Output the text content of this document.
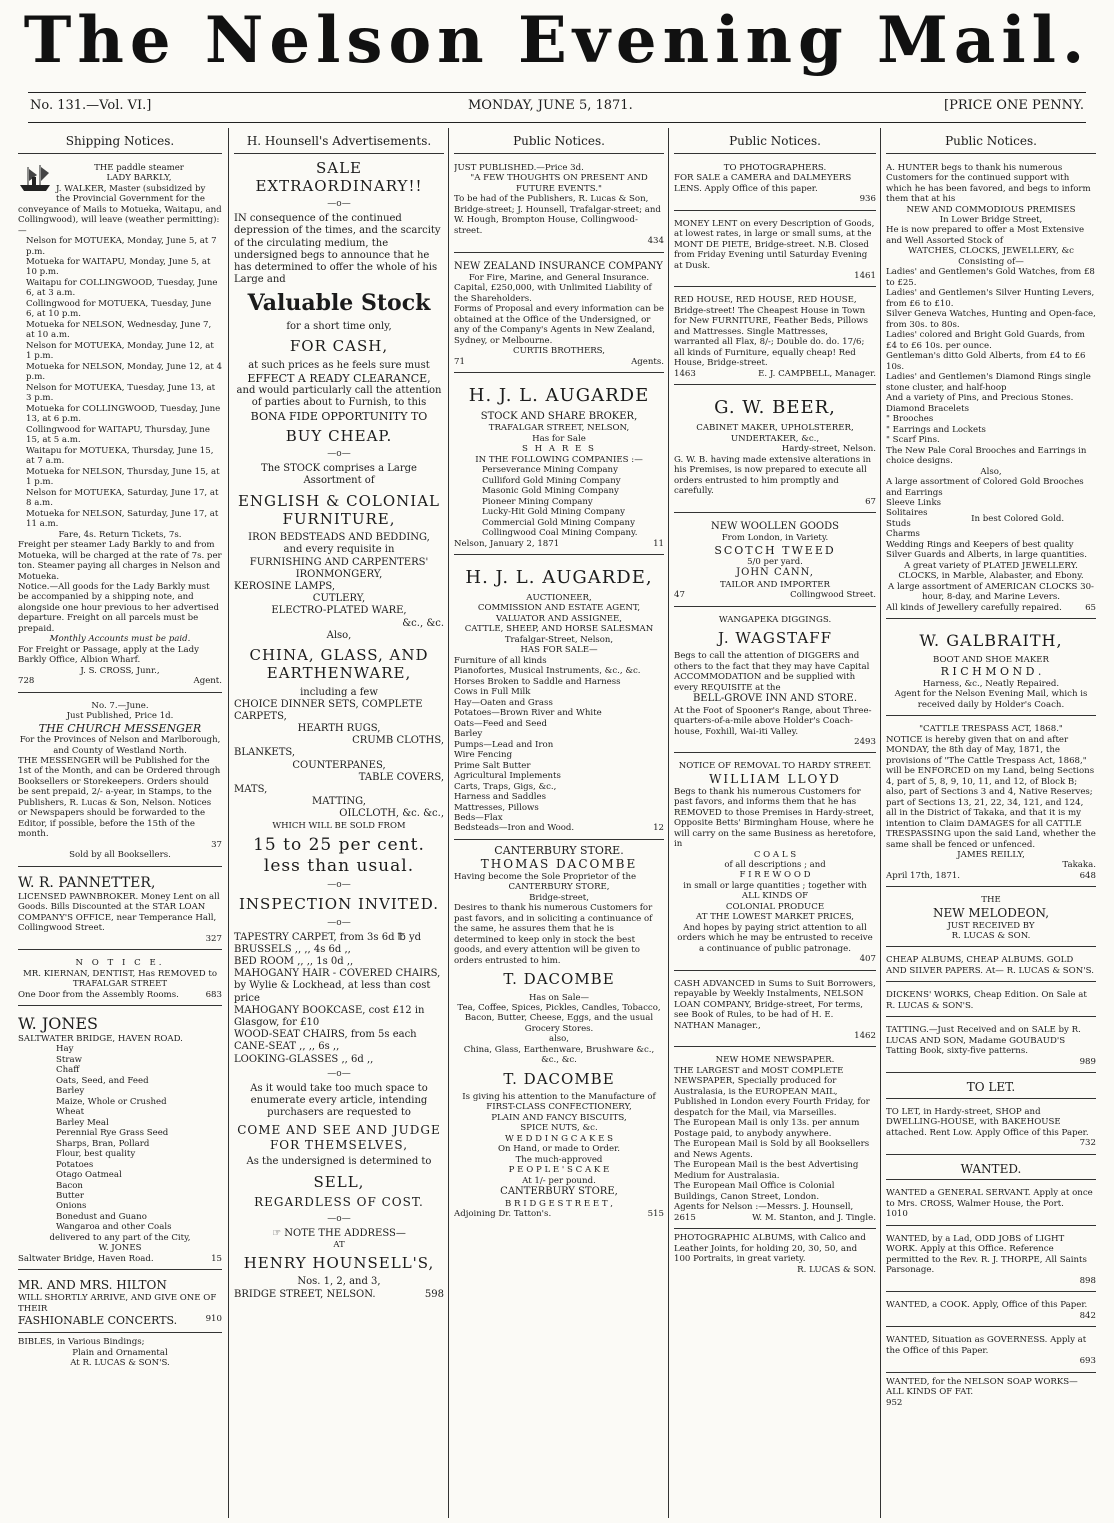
The Nelson Evening Mail.
No. 131.—Vol. VI.]	MONDAY, JUNE 5, 1871.	[PRICE ONE PENNY.
Shipping Notices.
THE paddle steamer
LADY BARKLY,
J. WALKER, Master (subsidized by the Provincial Government for the conveyance of Mails to Motueka, Waitapu, and Collingwood), will leave (weather permitting):—
Nelson for MOTUEKA, Monday, June 5, at 7 p.m.
Motueka for WAITAPU, Monday, June 5, at 10 p.m.
Waitapu for COLLINGWOOD, Tuesday, June 6, at 3 a.m.
Collingwood for MOTUEKA, Tuesday, June 6, at 10 p.m.
Motueka for NELSON, Wednesday, June 7, at 10 a.m.
Nelson for MOTUEKA, Monday, June 12, at 1 p.m.
Motueka for NELSON, Monday, June 12, at 4 p.m.
Nelson for MOTUEKA, Tuesday, June 13, at 3 p.m.
Motueka for COLLINGWOOD, Tuesday, June 13, at 6 p.m.
Collingwood for WAITAPU, Thursday, June 15, at 5 a.m.
Waitapu for MOTUEKA, Thursday, June 15, at 7 a.m.
Motueka for NELSON, Thursday, June 15, at 1 p.m.
Nelson for MOTUEKA, Saturday, June 17, at 8 a.m.
Motueka for NELSON, Saturday, June 17, at 11 a.m.
Fare, 4s. Return Tickets, 7s.
Freight per steamer Lady Barkly to and from Motueka, will be charged at the rate of 7s. per ton. Steamer paying all charges in Nelson and Motueka.
Notice.—All goods for the Lady Barkly must be accompanied by a shipping note, and alongside one hour previous to her advertised departure. Freight on all parcels must be prepaid.
Monthly Accounts must be paid.
For Freight or Passage, apply at the Lady Barkly Office, Albion Wharf.
J. S. CROSS, Junr.,
728	Agent.
No. 7.—June.
Just Published, Price 1d.
THE CHURCH MESSENGER
For the Provinces of Nelson and Marlborough, and County of Westland North.
THE MESSENGER will be Published for the 1st of the Month, and can be Ordered through Booksellers or Storekeepers. Orders should be sent prepaid, 2/- a-year, in Stamps, to the Publishers, R. Lucas & Son, Nelson. Notices or Newspapers should be forwarded to the Editor, if possible, before the 15th of the month.
37
Sold by all Booksellers.
W. R. PANNETTER,
LICENSED PAWNBROKER. Money Lent on all Goods. Bills Discounted at the STAR LOAN COMPANY'S OFFICE, near Temperance Hall, Collingwood Street.
327
N O T I C E.
MR. KIERNAN, DENTIST, Has REMOVED to TRAFALGAR STREET
One Door from the Assembly Rooms.	683
W. JONES
SALTWATER BRIDGE, HAVEN ROAD.
Hay
Straw
Chaff
Oats, Seed, and Feed
Barley
Maize, Whole or Crushed
Wheat
Barley Meal
Perennial Rye Grass Seed
Sharps, Bran, Pollard
Flour, best quality
Potatoes
Otago Oatmeal
Bacon
Butter
Onions
Bonedust and Guano
Wangaroa and other Coals
delivered to any part of the City,
W. JONES
Saltwater Bridge, Haven Road.	15
MR. AND MRS. HILTON
WILL SHORTLY ARRIVE, AND GIVE ONE OF THEIR
FASHIONABLE CONCERTS.	910
BIBLES, in Various Bindings;
Plain and Ornamental
At R. LUCAS & SON'S.
H. Hounsell's Advertisements.
SALE EXTRAORDINARY!!
—o—
IN consequence of the continued depression of the times, and the scarcity of the circulating medium, the undersigned begs to announce that he has determined to offer the whole of his Large and
Valuable Stock
for a short time only,
FOR CASH,
at such prices as he feels sure must
EFFECT A READY CLEARANCE,
and would particularly call the attention of parties about to Furnish, to this
BONA FIDE OPPORTUNITY TO
BUY CHEAP.
—o—
The STOCK comprises a Large Assortment of
ENGLISH & COLONIAL FURNITURE,
IRON BEDSTEADS AND BEDDING,
and every requisite in
FURNISHING AND CARPENTERS' IRONMONGERY,
KEROSINE LAMPS,
CUTLERY,
ELECTRO-PLATED WARE,
&c., &c.
Also,
CHINA, GLASS, AND EARTHENWARE,
including a few
CHOICE DINNER SETS, COMPLETE
CARPETS,
HEARTH RUGS,
CRUMB CLOTHS,
BLANKETS,
COUNTERPANES,
TABLE COVERS,
MATS,
MATTING,
OILCLOTH, &c. &c.,
WHICH WILL BE SOLD FROM
15 to 25 per cent. less than usual.
—o—
INSPECTION INVITED.
—o—
TAPESTRY CARPET, from 3s 6d ℔ yd
BRUSSELS ,, ,, 4s 6d ,,
BED ROOM ,, ,, 1s 0d ,,
MAHOGANY HAIR - COVERED CHAIRS, by Wylie & Lockhead, at less than cost price
MAHOGANY BOOKCASE, cost £12 in Glasgow, for £10
WOOD-SEAT CHAIRS, from 5s each
CANE-SEAT ,, ,, 6s ,,
LOOKING-GLASSES ,, 6d ,,
—o—
As it would take too much space to enumerate every article, intending purchasers are requested to
COME AND SEE AND JUDGE FOR THEMSELVES,
As the undersigned is determined to
SELL,
REGARDLESS OF COST.
—o—
☞ NOTE THE ADDRESS—
AT
HENRY HOUNSELL'S,
Nos. 1, 2, and 3,
BRIDGE STREET, NELSON.	598
Public Notices.
JUST PUBLISHED.—Price 3d.
"A FEW THOUGHTS ON PRESENT AND FUTURE EVENTS."
To be had of the Publishers, R. Lucas & Son, Bridge-street; J. Hounsell, Trafalgar-street; and W. Hough, Brompton House, Collingwood-street.
434
NEW ZEALAND INSURANCE COMPANY
For Fire, Marine, and General Insurance.
Capital, £250,000, with Unlimited Liability of the Shareholders.
Forms of Proposal and every information can be obtained at the Office of the Undersigned, or any of the Company's Agents in New Zealand, Sydney, or Melbourne.
CURTIS BROTHERS,
71	Agents.
H. J. L. AUGARDE
STOCK AND SHARE BROKER,
TRAFALGAR STREET, NELSON,
Has for Sale
S H A R E S
IN THE FOLLOWING COMPANIES :—
Perseverance Mining Company
Culliford Gold Mining Company
Masonic Gold Mining Company
Pioneer Mining Company
Lucky-Hit Gold Mining Company
Commercial Gold Mining Company
Collingwood Coal Mining Company.
Nelson, January 2, 1871	11
H. J. L. AUGARDE,
AUCTIONEER,
COMMISSION AND ESTATE AGENT,
VALUATOR AND ASSIGNEE,
CATTLE, SHEEP, AND HORSE SALESMAN
Trafalgar-Street, Nelson,
HAS FOR SALE—
Furniture of all kinds
Pianofortes, Musical Instruments, &c., &c.
Horses Broken to Saddle and Harness
Cows in Full Milk
Hay—Oaten and Grass
Potatoes—Brown River and White
Oats—Feed and Seed
Barley
Pumps—Lead and Iron
Wire Fencing
Prime Salt Butter
Agricultural Implements
Carts, Traps, Gigs, &c.,
Harness and Saddles
Mattresses, Pillows
Beds—Flax
Bedsteads—Iron and Wood.	12
CANTERBURY STORE.
THOMAS DACOMBE
Having become the Sole Proprietor of the
CANTERBURY STORE,
Bridge-street,
Desires to thank his numerous Customers for past favors, and in soliciting a continuance of the same, he assures them that he is determined to keep only in stock the best goods, and every attention will be given to orders entrusted to him.
T. DACOMBE
Has on Sale—
Tea, Coffee, Spices, Pickles, Candles, Tobacco, Bacon, Butter, Cheese, Eggs, and the usual Grocery Stores.
also,
China, Glass, Earthenware, Brushware &c., &c., &c.
T. DACOMBE
Is giving his attention to the Manufacture of
FIRST-CLASS CONFECTIONERY,
PLAIN AND FANCY BISCUITS,
SPICE NUTS, &c.
W E D D I N G C A K E S
On Hand, or made to Order.
The much-approved
P E O P L E ' S C A K E
At 1/- per pound.
CANTERBURY STORE,
B R I D G E S T R E E T ,
Adjoining Dr. Tatton's.	515
Public Notices.
TO PHOTOGRAPHERS.
FOR SALE a CAMERA and DALMEYERS LENS. Apply Office of this paper.
936
MONEY LENT on every Description of Goods, at lowest rates, in large or small sums, at the MONT DE PIETE, Bridge-street. N.B. Closed from Friday Evening until Saturday Evening at Dusk.
1461
RED HOUSE, RED HOUSE, RED HOUSE, Bridge-street! The Cheapest House in Town for New FURNITURE, Feather Beds, Pillows and Mattresses. Single Mattresses, warranted all Flax, 8/-; Double do. do. 17/6; all kinds of Furniture, equally cheap! Red House, Bridge-street.
1463	E. J. CAMPBELL, Manager.
G. W. BEER,
CABINET MAKER, UPHOLSTERER,
UNDERTAKER, &c.,
Hardy-street, Nelson.
G. W. B. having made extensive alterations in his Premises, is now prepared to execute all orders entrusted to him promptly and carefully.
67
NEW WOOLLEN GOODS
From London, in Variety.
SCOTCH TWEED
5/0 per yard.
JOHN CANN,
TAILOR AND IMPORTER
47	Collingwood Street.
WANGAPEKA DIGGINGS.
J. WAGSTAFF
Begs to call the attention of DIGGERS and others to the fact that they may have Capital ACCOMMODATION and be supplied with every REQUISITE at the
BELL-GROVE INN AND STORE.
At the Foot of Spooner's Range, about Three-quarters-of-a-mile above Holder's Coach-house, Foxhill, Wai-iti Valley.
2493
NOTICE OF REMOVAL TO HARDY STREET.
WILLIAM LLOYD
Begs to thank his numerous Customers for past favors, and informs them that he has REMOVED to those Premises in Hardy-street, Opposite Betts' Birmingham House, where he will carry on the same Business as heretofore, in
C O A L S
of all descriptions ; and
F I R E W O O D
in small or large quantities ; together with
ALL KINDS OF
COLONIAL PRODUCE
AT THE LOWEST MARKET PRICES,
And hopes by paying strict attention to all orders which he may be entrusted to receive a continuance of public patronage.
407
CASH ADVANCED in Sums to Suit Borrowers, repayable by Weekly Instalments, NELSON LOAN COMPANY, Bridge-street, For terms, see Book of Rules, to be had of H. E. NATHAN Manager.,
1462
NEW HOME NEWSPAPER.
THE LARGEST and MOST COMPLETE NEWSPAPER, Specially produced for Australasia, is the EUROPEAN MAIL, Published in London every Fourth Friday, for despatch for the Mail, via Marseilles.
The European Mail is only 13s. per annum Postage paid, to anybody anywhere.
The European Mail is Sold by all Booksellers and News Agents.
The European Mail is the best Advertising Medium for Australasia.
The European Mail Office is Colonial Buildings, Canon Street, London.
Agents for Nelson :—Messrs. J. Hounsell,
2615	W. M. Stanton, and J. Tingle.
PHOTOGRAPHIC ALBUMS, with Calico and Leather Joints, for holding 20, 30, 50, and 100 Portraits, in great variety.
R. LUCAS & SON.
Public Notices.
A. HUNTER begs to thank his numerous Customers for the continued support with which he has been favored, and begs to inform them that at his
NEW AND COMMODIOUS PREMISES
In Lower Bridge Street,
He is now prepared to offer a Most Extensive and Well Assorted Stock of
WATCHES, CLOCKS, JEWELLERY, &c
Consisting of—
Ladies' and Gentlemen's Gold Watches, from £8 to £25.
Ladies' and Gentlemen's Silver Hunting Levers, from £6 to £10.
Silver Geneva Watches, Hunting and Open-face, from 30s. to 80s.
Ladies' colored and Bright Gold Guards, from £4 to £6 10s. per ounce.
Gentleman's ditto Gold Alberts, from £4 to £6 10s.
Ladies' and Gentlemen's Diamond Rings single stone cluster, and half-hoop
And a variety of Pins, and Precious Stones.
Diamond Bracelets
" Brooches
" Earrings and Lockets
" Scarf Pins.
The New Pale Coral Brooches and Earrings in choice designs.
Also,
A large assortment of Colored Gold Brooches and Earrings
Sleeve Links
Solitaires
Studs
Charms
In best Colored Gold.
Wedding Rings and Keepers of best quality Silver Guards and Alberts, in large quantities.
A great variety of PLATED JEWELLERY.
CLOCKS, in Marble, Alabaster, and Ebony.
A large assortment of AMERICAN CLOCKS 30-hour, 8-day, and Marine Levers.
All kinds of Jewellery carefully repaired.	65
W. GALBRAITH,
BOOT AND SHOE MAKER
R I C H M O N D .
Harness, &c., Neatly Repaired.
Agent for the Nelson Evening Mail, which is received daily by Holder's Coach.
"CATTLE TRESPASS ACT, 1868."
NOTICE is hereby given that on and after MONDAY, the 8th day of May, 1871, the provisions of "The Cattle Trespass Act, 1868," will be ENFORCED on my Land, being Sections 4, part of 5, 8, 9, 10, 11, and 12, of Block B; also, part of Sections 3 and 4, Native Reserves; part of Sections 13, 21, 22, 34, 121, and 124, all in the District of Takaka, and that it is my intention to Claim DAMAGES for all CATTLE TRESPASSING upon the said Land, whether the same shall be fenced or unfenced.
JAMES REILLY,
Takaka.
April 17th, 1871.	648
THE
NEW MELODEON,
JUST RECEIVED BY
R. LUCAS & SON.
CHEAP ALBUMS, CHEAP ALBUMS. GOLD AND SILVER PAPERS. At— R. LUCAS & SON'S.
DICKENS' WORKS, Cheap Edition. On Sale at R. LUCAS & SON'S.
TATTING.—Just Received and on SALE by R. LUCAS AND SON, Madame GOUBAUD'S Tatting Book, sixty-five patterns.
989
TO LET.
TO LET, in Hardy-street, SHOP and DWELLING-HOUSE, with BAKEHOUSE attached. Rent Low. Apply Office of this Paper.
732
WANTED.
WANTED a GENERAL SERVANT. Apply at once to Mrs. CROSS, Walmer House, the Port.
1010
WANTED, by a Lad, ODD JOBS of LIGHT WORK. Apply at this Office. Reference permitted to the Rev. R. J. THORPE, All Saints Parsonage.
898
WANTED, a COOK. Apply, Office of this Paper.
842
WANTED, Situation as GOVERNESS. Apply at the Office of this Paper.
693
WANTED, for the NELSON SOAP WORKS— ALL KINDS OF FAT.
952
